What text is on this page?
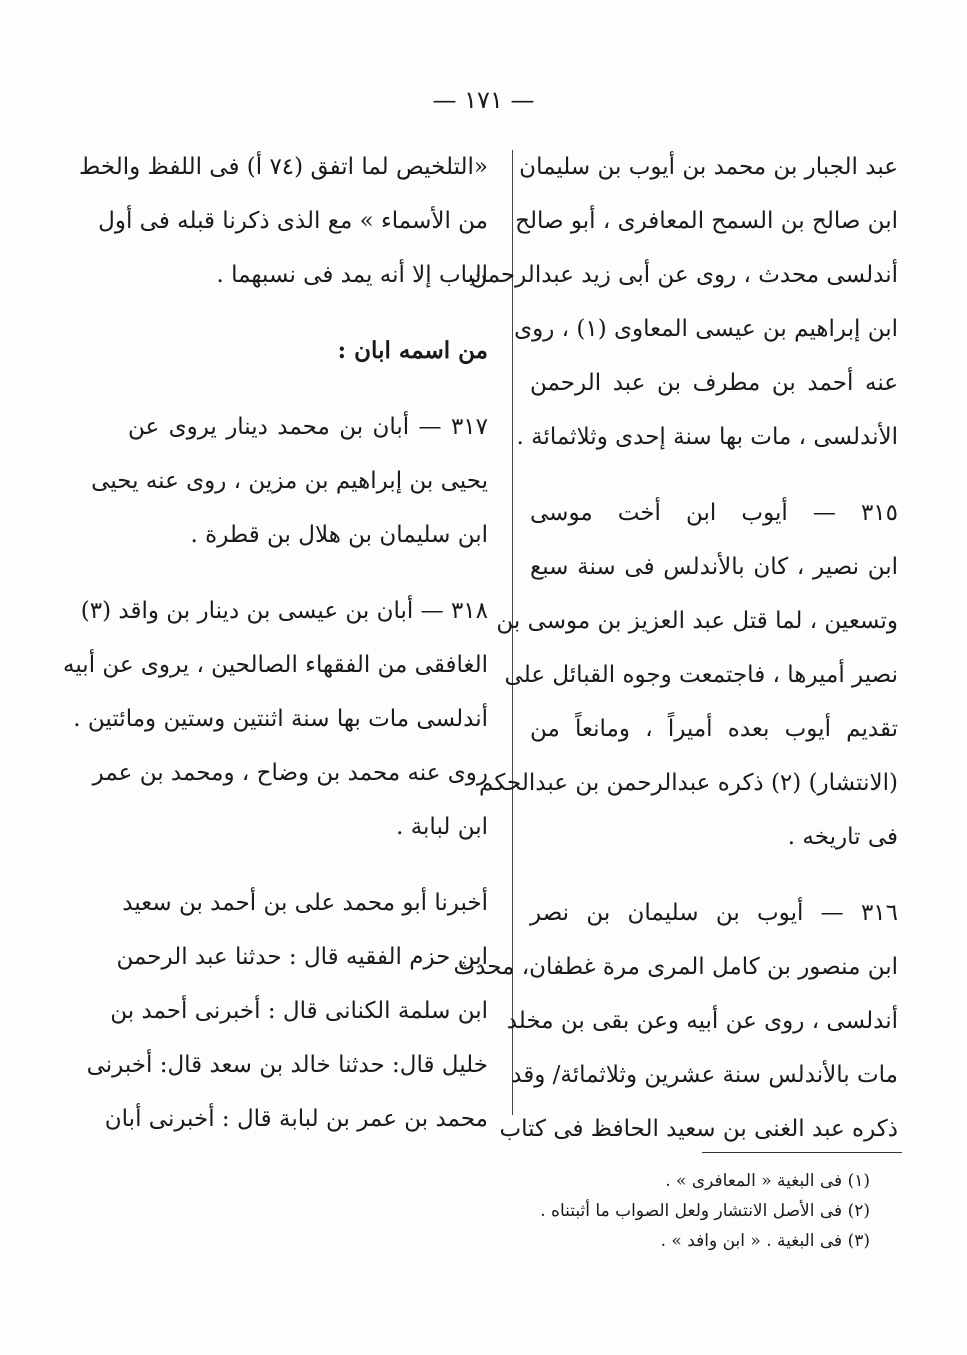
— ١٧١ —
عبد الجبار بن محمد بن أيوب بن سليمان
ابن صالح بن السمح المعافرى ، أبو صالح
أندلسى محدث ، روى عن أبى زيد عبدالرحمن
ابن إبراهيم بن عيسى المعاوى (١) ، روى
عنه أحمد بن مطرف بن عبد الرحمن
الأندلسى ، مات بها سنة إحدى وثلاثمائة .
٣١٥ — أيوب ابن أخت موسى
ابن نصير ، كان بالأندلس فى سنة سبع
وتسعين ، لما قتل عبد العزيز بن موسى بن
نصير أميرها ، فاجتمعت وجوه القبائل على
تقديم أيوب بعده أميراً ، ومانعاً من
(الانتشار) (٢) ذكره عبدالرحمن بن عبدالحكم
فى تاريخه .
٣١٦ — أيوب بن سليمان بن نصر
ابن منصور بن كامل المرى مرة غطفان، محدث
أندلسى ، روى عن أبيه وعن بقى بن مخلد
مات بالأندلس سنة عشرين وثلاثمائة/ وقد
ذكره عبد الغنى بن سعيد الحافظ فى كتاب
«التلخيص لما اتفق (٧٤ أ) فى اللفظ والخط
من الأسماء » مع الذى ذكرنا قبله فى أول
الباب إلا أنه يمد فى نسبهما .
من اسمه ابان :
٣١٧ — أبان بن محمد دينار يروى عن
يحيى بن إبراهيم بن مزين ، روى عنه يحيى
ابن سليمان بن هلال بن قطرة .
٣١٨ — أبان بن عيسى بن دينار بن واقد (٣)
الغافقى من الفقهاء الصالحين ، يروى عن أبيه
أندلسى مات بها سنة اثنتين وستين ومائتين .
روى عنه محمد بن وضاح ، ومحمد بن عمر
ابن لبابة .
أخبرنا أبو محمد على بن أحمد بن سعيد
ابن حزم الفقيه قال : حدثنا عبد الرحمن
ابن سلمة الكنانى قال : أخبرنى أحمد بن
خليل قال: حدثنا خالد بن سعد قال: أخبرنى
محمد بن عمر بن لبابة قال : أخبرنى أبان
(١) فى البغية « المعافرى » .
(٢) فى الأصل الانتشار ولعل الصواب ما أثبتناه .
(٣) فى البغية . « ابن وافد » .
